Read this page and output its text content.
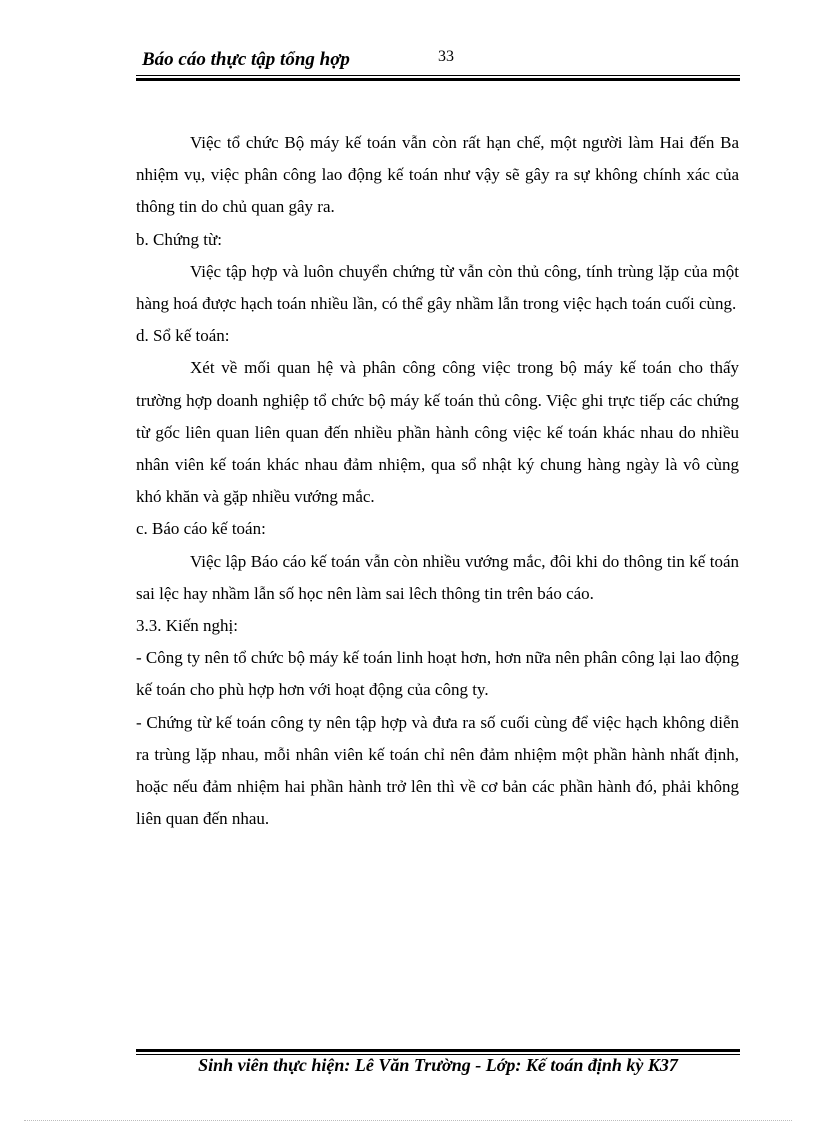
Báo cáo thực tập tổng hợp	33

Việc tổ chức Bộ máy kế toán vẫn còn rất hạn chế, một người làm Hai đến Ba nhiệm vụ, việc phân công lao động kế toán như vậy sẽ gây ra sự không chính xác của thông tin do chủ quan gây ra.

b. Chứng từ:

Việc tập hợp và luôn chuyển chứng từ vẫn còn thủ công, tính trùng lặp của một hàng hoá được hạch toán nhiều lần, có thể gây nhầm lẫn trong việc hạch toán cuối cùng.

d. Sổ kế toán:

Xét về mối quan hệ và phân công công việc trong bộ máy kế toán cho thấy trường hợp doanh nghiệp tổ chức bộ máy kế toán thủ công. Việc ghi trực tiếp các chứng từ gốc liên quan liên quan đến nhiều phần hành công việc kế toán khác nhau do nhiều nhân viên kế toán khác nhau đảm nhiệm, qua sổ nhật ký chung hàng ngày là vô cùng khó khăn và gặp nhiều vướng mắc.

c. Báo cáo kế toán:

Việc lập Báo cáo kế toán vẫn còn nhiều vướng mắc, đôi khi do thông tin kế toán sai lệc hay nhầm lẫn số học nên làm sai lêch thông tin trên báo cáo.

3.3. Kiến nghị:

- Công ty nên tổ chức bộ máy kế toán linh hoạt hơn, hơn nữa nên phân công lại lao động kế toán cho phù hợp hơn với hoạt động của công ty.

- Chứng từ kế toán công ty nên tập hợp và đưa ra số cuối cùng để việc hạch không diễn ra trùng lặp nhau, mỗi nhân viên kế toán chỉ nên đảm nhiệm một phần hành nhất định, hoặc nếu đảm nhiệm hai phần hành trở lên thì về cơ bản các phần hành đó, phải không liên quan đến nhau.

Sinh viên thực hiện: Lê Văn Trường - Lớp: Kế toán định kỳ K37
